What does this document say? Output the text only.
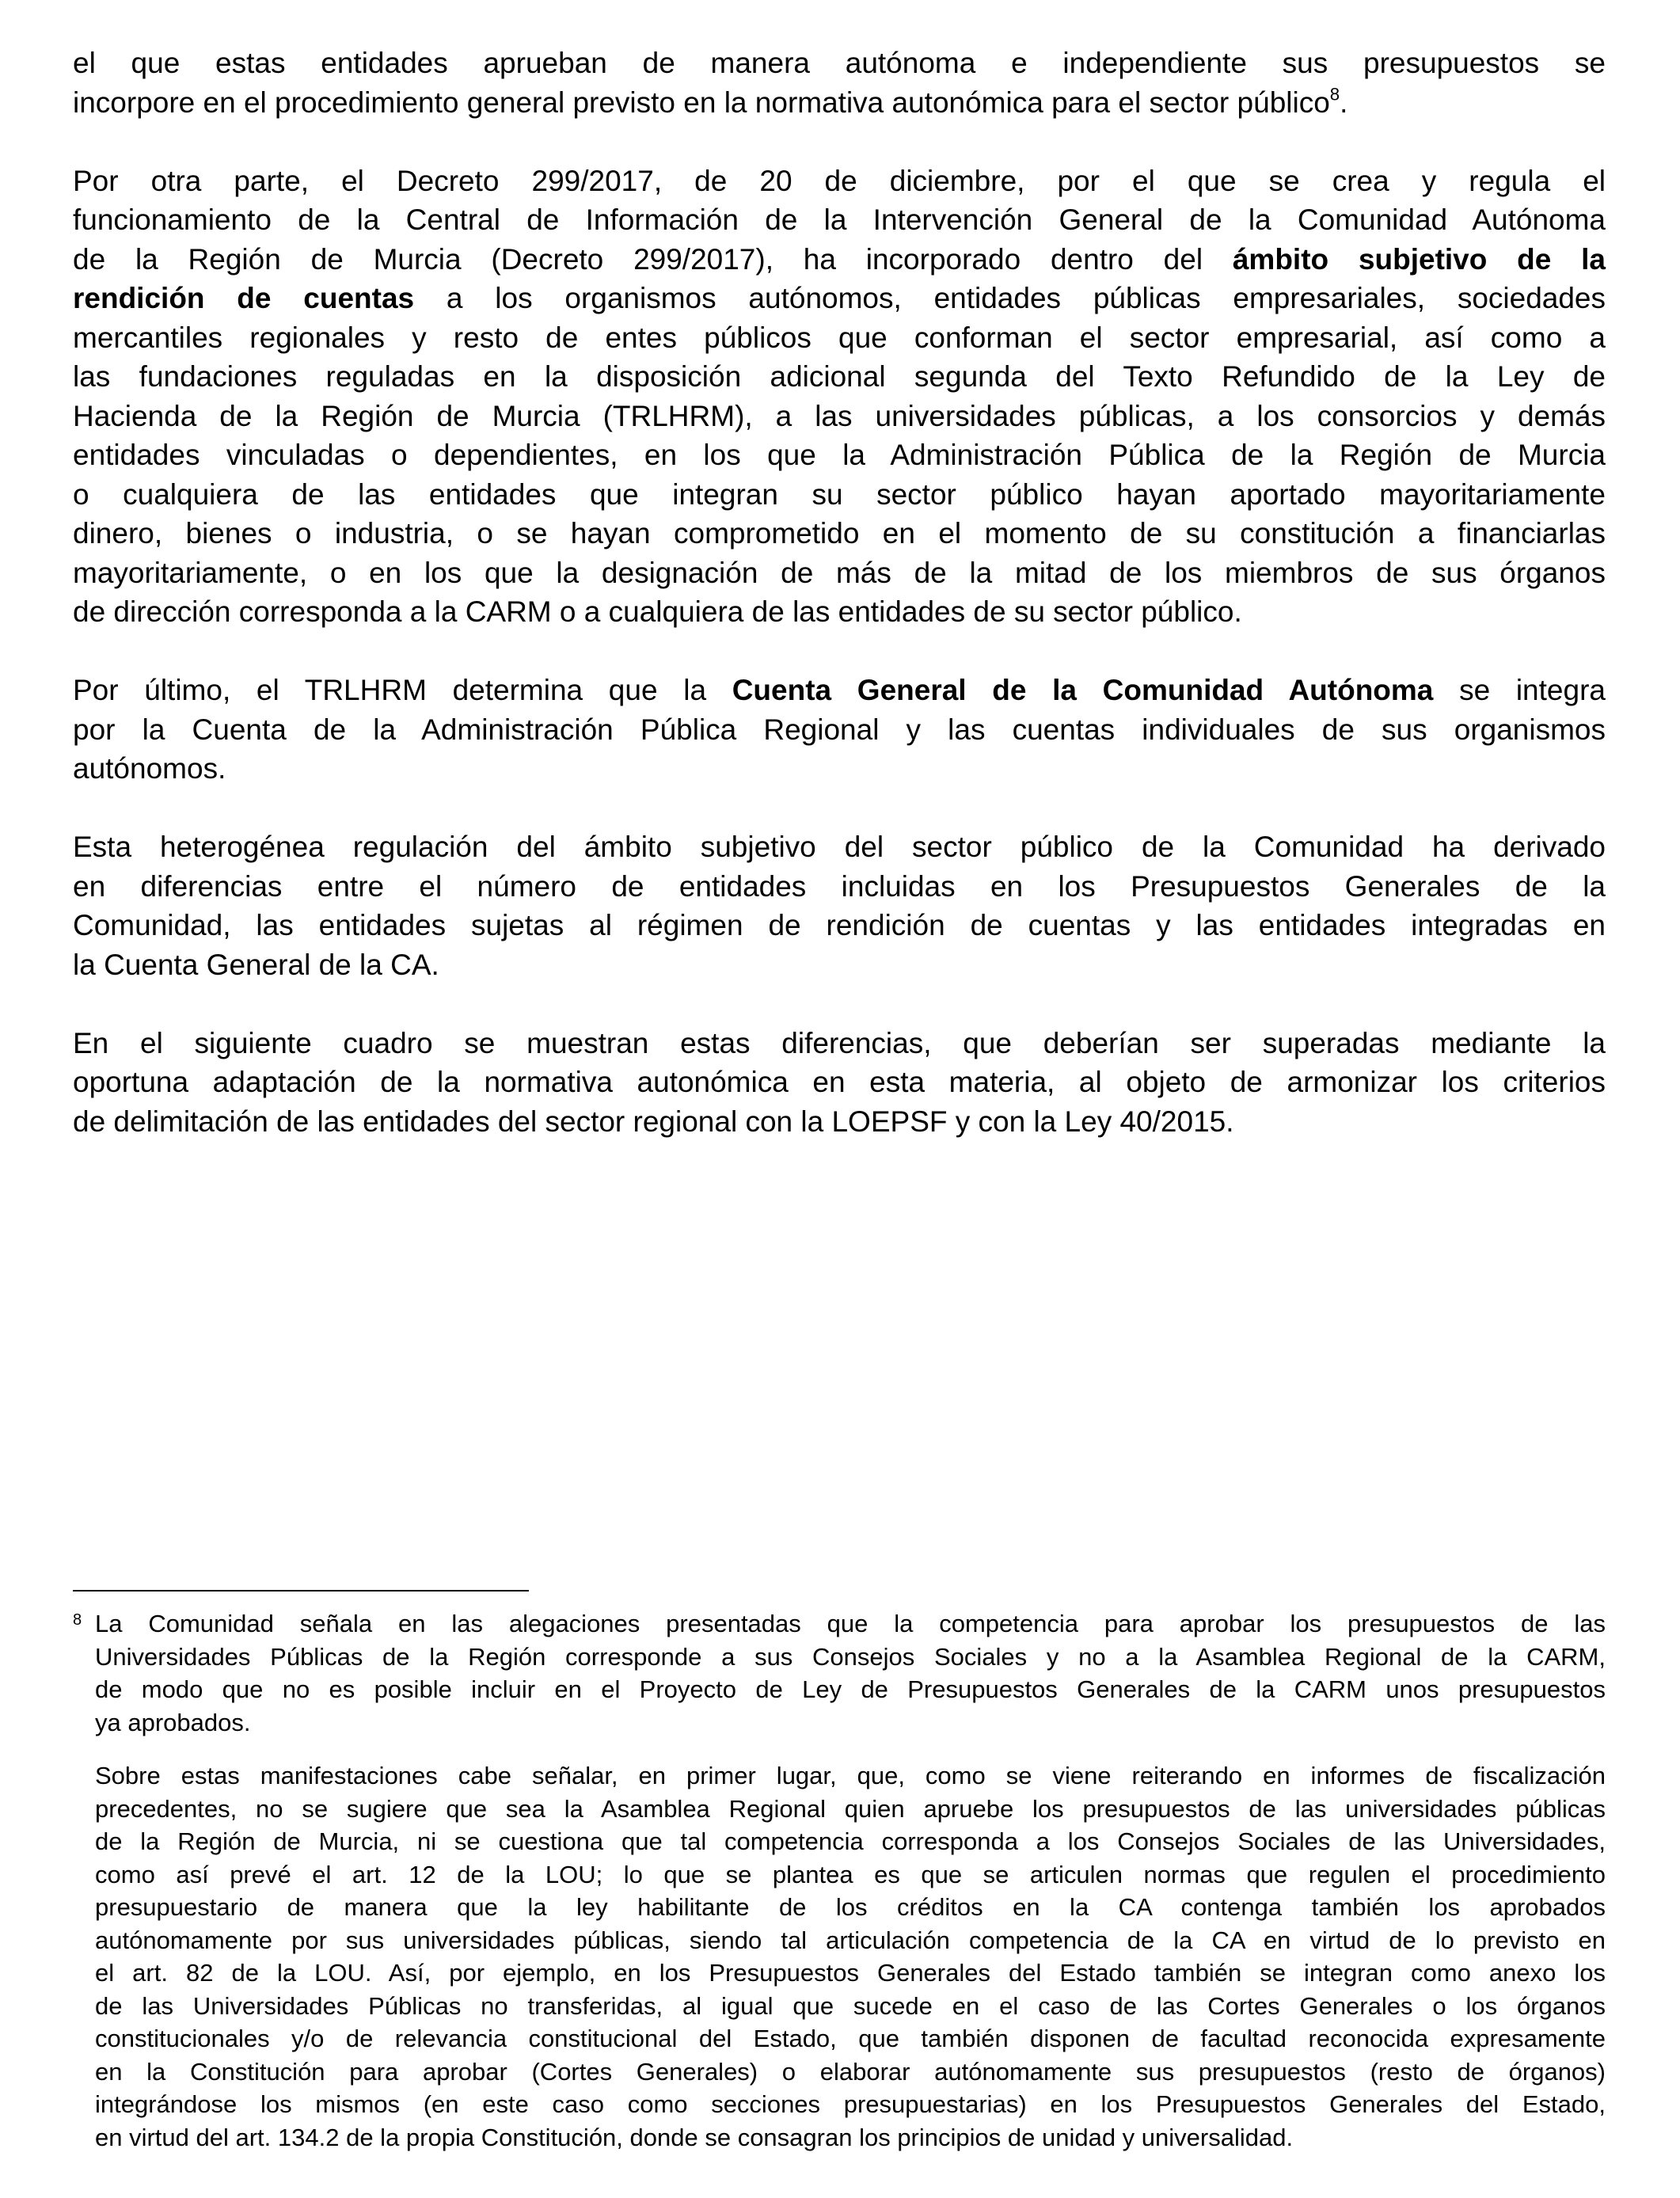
el que estas entidades aprueban de manera autónoma e independiente sus presupuestos se
incorpore en el procedimiento general previsto en la normativa autonómica para el sector público$^8$.
Por otra parte, el Decreto 299/2017, de 20 de diciembre, por el que se crea y regula el
funcionamiento de la Central de Información de la Intervención General de la Comunidad Autónoma
de la Región de Murcia (Decreto 299/2017), ha incorporado dentro del ámbito subjetivo de la
rendición de cuentas a los organismos autónomos, entidades públicas empresariales, sociedades
mercantiles regionales y resto de entes públicos que conforman el sector empresarial, así como a
las fundaciones reguladas en la disposición adicional segunda del Texto Refundido de la Ley de
Hacienda de la Región de Murcia (TRLHRM), a las universidades públicas, a los consorcios y demás
entidades vinculadas o dependientes, en los que la Administración Pública de la Región de Murcia
o cualquiera de las entidades que integran su sector público hayan aportado mayoritariamente
dinero, bienes o industria, o se hayan comprometido en el momento de su constitución a financiarlas
mayoritariamente, o en los que la designación de más de la mitad de los miembros de sus órganos
de dirección corresponda a la CARM o a cualquiera de las entidades de su sector público.
Por último, el TRLHRM determina que la Cuenta General de la Comunidad Autónoma se integra
por la Cuenta de la Administración Pública Regional y las cuentas individuales de sus organismos
autónomos.
Esta heterogénea regulación del ámbito subjetivo del sector público de la Comunidad ha derivado
en diferencias entre el número de entidades incluidas en los Presupuestos Generales de la
Comunidad, las entidades sujetas al régimen de rendición de cuentas y las entidades integradas en
la Cuenta General de la CA.
En el siguiente cuadro se muestran estas diferencias, que deberían ser superadas mediante la
oportuna adaptación de la normativa autonómica en esta materia, al objeto de armonizar los criterios
de delimitación de las entidades del sector regional con la LOEPSF y con la Ley 40/2015.
8 La Comunidad señala en las alegaciones presentadas que la competencia para aprobar los presupuestos de las
Universidades Públicas de la Región corresponde a sus Consejos Sociales y no a la Asamblea Regional de la CARM,
de modo que no es posible incluir en el Proyecto de Ley de Presupuestos Generales de la CARM unos presupuestos
ya aprobados.
Sobre estas manifestaciones cabe señalar, en primer lugar, que, como se viene reiterando en informes de fiscalización
precedentes, no se sugiere que sea la Asamblea Regional quien apruebe los presupuestos de las universidades públicas
de la Región de Murcia, ni se cuestiona que tal competencia corresponda a los Consejos Sociales de las Universidades,
como así prevé el art. 12 de la LOU; lo que se plantea es que se articulen normas que regulen el procedimiento
presupuestario de manera que la ley habilitante de los créditos en la CA contenga también los aprobados
autónomamente por sus universidades públicas, siendo tal articulación competencia de la CA en virtud de lo previsto en
el art. 82 de la LOU. Así, por ejemplo, en los Presupuestos Generales del Estado también se integran como anexo los
de las Universidades Públicas no transferidas, al igual que sucede en el caso de las Cortes Generales o los órganos
constitucionales y/o de relevancia constitucional del Estado, que también disponen de facultad reconocida expresamente
en la Constitución para aprobar (Cortes Generales) o elaborar autónomamente sus presupuestos (resto de órganos)
integrándose los mismos (en este caso como secciones presupuestarias) en los Presupuestos Generales del Estado,
en virtud del art. 134.2 de la propia Constitución, donde se consagran los principios de unidad y universalidad.
